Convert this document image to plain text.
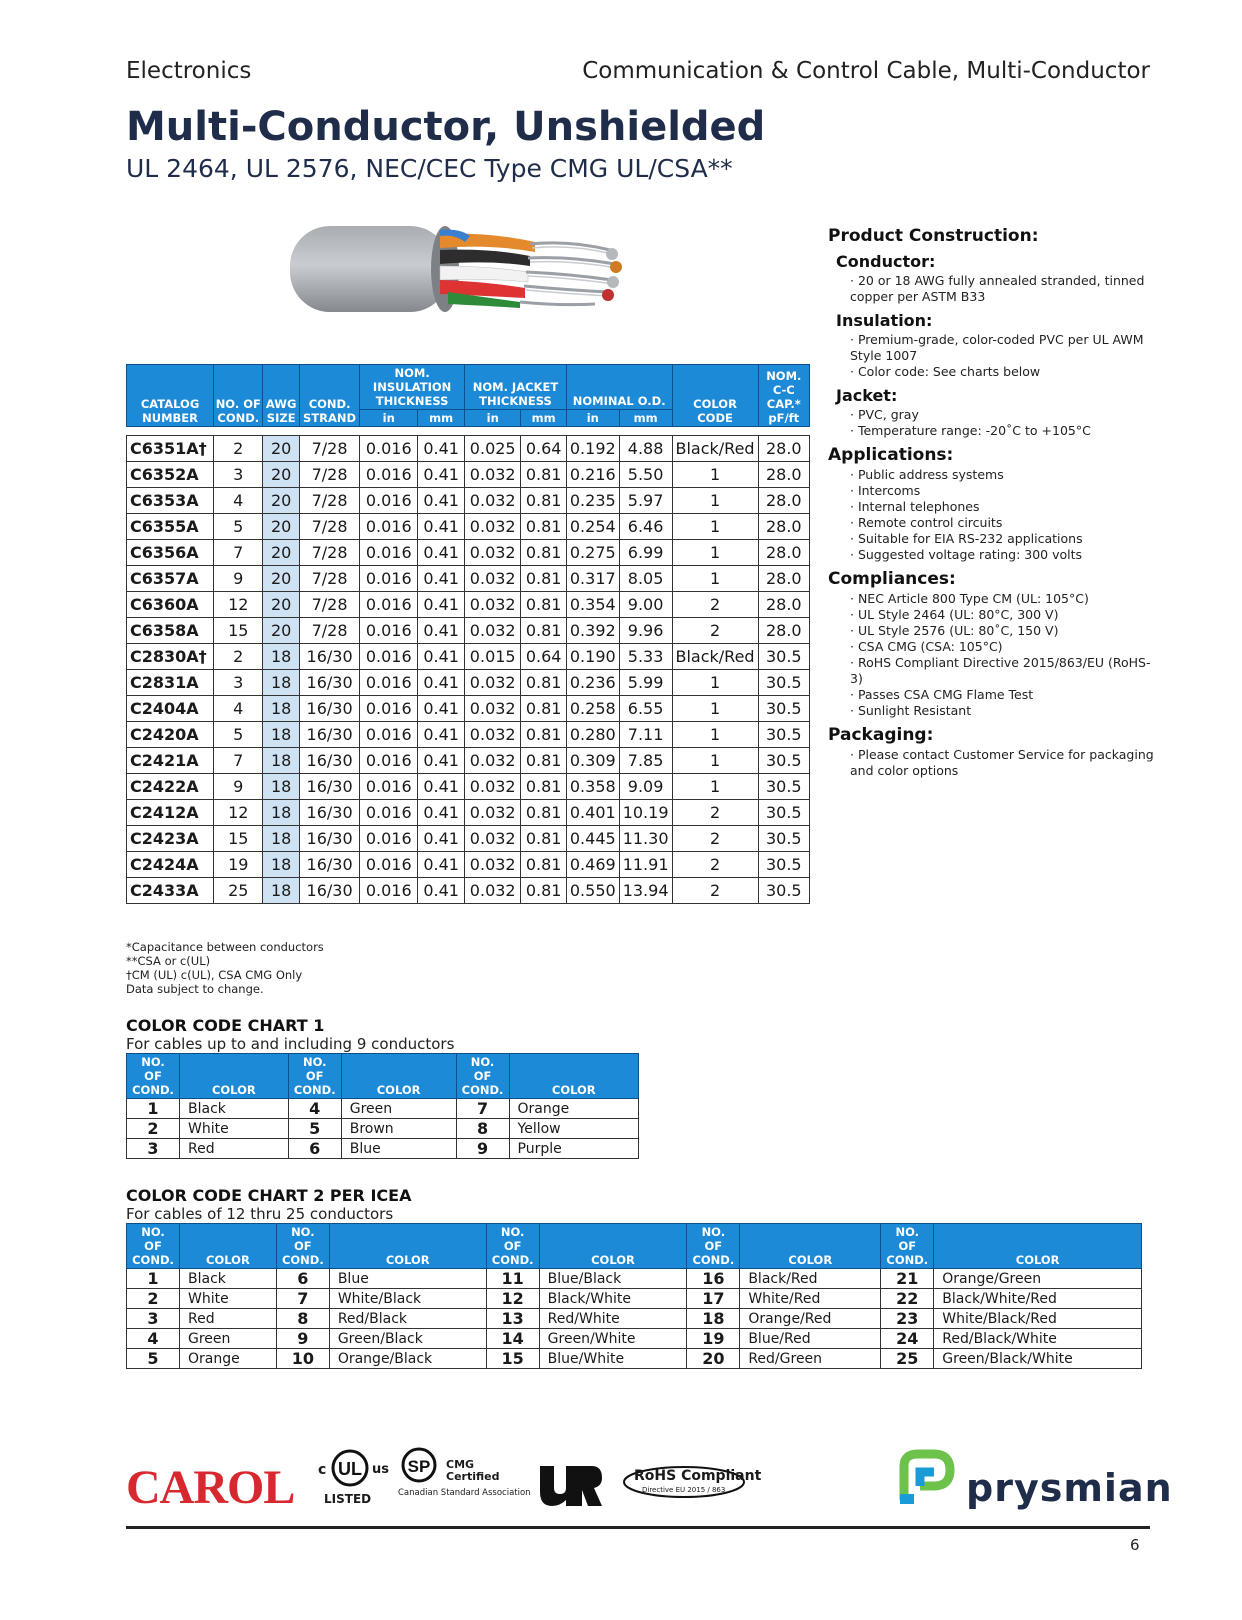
Electronics	Communication & Control Cable, Multi-Conductor
Multi-Conductor, Unshielded
UL 2464, UL 2576, NEC/CEC Type CMG UL/CSA**
Product Construction:
Conductor:
· 20 or 18 AWG fully annealed stranded, tinned copper per ASTM B33
Insulation:
· Premium-grade, color-coded PVC per UL AWM Style 1007
· Color code: See charts below
Jacket:
· PVC, gray
· Temperature range: -20˚C to +105°C
Applications:
· Public address systems
· Intercoms
· Internal telephones
· Remote control circuits
· Suitable for EIA RS-232 applications
· Suggested voltage rating: 300 volts
Compliances:
· NEC Article 800 Type CM (UL: 105°C)
· UL Style 2464 (UL: 80°C, 300 V)
· UL Style 2576 (UL: 80˚C, 150 V)
· CSA CMG (CSA: 105°C)
· RoHS Compliant Directive 2015/863/EU (RoHS-3)
· Passes CSA CMG Flame Test
· Sunlight Resistant
Packaging:
· Please contact Customer Service for packaging and color options
CATALOG NUMBER	NO. OF COND.	AWG SIZE	COND. STRAND	NOM. INSULATION THICKNESS		NOM. JACKET THICKNESS		NOMINAL O.D.		COLOR CODE	NOM. C-C CAP.* pF/ft
				in	mm	in	mm	in	mm		

C6351A†	2	20	7/28	0.016	0.41	0.025	0.64	0.192	4.88	Black/Red	28.0
C6352A	3	20	7/28	0.016	0.41	0.032	0.81	0.216	5.50	1	28.0
C6353A	4	20	7/28	0.016	0.41	0.032	0.81	0.235	5.97	1	28.0
C6355A	5	20	7/28	0.016	0.41	0.032	0.81	0.254	6.46	1	28.0
C6356A	7	20	7/28	0.016	0.41	0.032	0.81	0.275	6.99	1	28.0
C6357A	9	20	7/28	0.016	0.41	0.032	0.81	0.317	8.05	1	28.0
C6360A	12	20	7/28	0.016	0.41	0.032	0.81	0.354	9.00	2	28.0
C6358A	15	20	7/28	0.016	0.41	0.032	0.81	0.392	9.96	2	28.0
C2830A†	2	18	16/30	0.016	0.41	0.015	0.64	0.190	5.33	Black/Red	30.5
C2831A	3	18	16/30	0.016	0.41	0.032	0.81	0.236	5.99	1	30.5
C2404A	4	18	16/30	0.016	0.41	0.032	0.81	0.258	6.55	1	30.5
C2420A	5	18	16/30	0.016	0.41	0.032	0.81	0.280	7.11	1	30.5
C2421A	7	18	16/30	0.016	0.41	0.032	0.81	0.309	7.85	1	30.5
C2422A	9	18	16/30	0.016	0.41	0.032	0.81	0.358	9.09	1	30.5
C2412A	12	18	16/30	0.016	0.41	0.032	0.81	0.401	10.19	2	30.5
C2423A	15	18	16/30	0.016	0.41	0.032	0.81	0.445	11.30	2	30.5
C2424A	19	18	16/30	0.016	0.41	0.032	0.81	0.469	11.91	2	30.5
C2433A	25	18	16/30	0.016	0.41	0.032	0.81	0.550	13.94	2	30.5
*Capacitance between conductors
**CSA or c(UL)
†CM (UL) c(UL), CSA CMG Only
Data subject to change.
COLOR CODE CHART 1
For cables up to and including 9 conductors
NO. OF COND.	COLOR	NO. OF COND.	COLOR	NO. OF COND.	COLOR
1	Black	4	Green	7	Orange
2	White	5	Brown	8	Yellow
3	Red	6	Blue	9	Purple
COLOR CODE CHART 2 PER ICEA
For cables of 12 thru 25 conductors
NO. OF COND.	COLOR	NO. OF COND.	COLOR	NO. OF COND.	COLOR	NO. OF COND.	COLOR	NO. OF COND.	COLOR
1	Black	6	Blue	11	Blue/Black	16	Black/Red	21	Orange/Green
2	White	7	White/Black	12	Black/White	17	White/Red	22	Black/White/Red
3	Red	8	Red/Black	13	Red/White	18	Orange/Red	23	White/Black/Red
4	Green	9	Green/Black	14	Green/White	19	Blue/Red	24	Red/Black/White
5	Orange	10	Orange/Black	15	Blue/White	20	Red/Green	25	Green/Black/White
CAROL c UL us
LISTED
SP CMG
Certified
Canadian Standard Association
RoHS Compliant
Directive EU 2015 / 863	prysmian
6
